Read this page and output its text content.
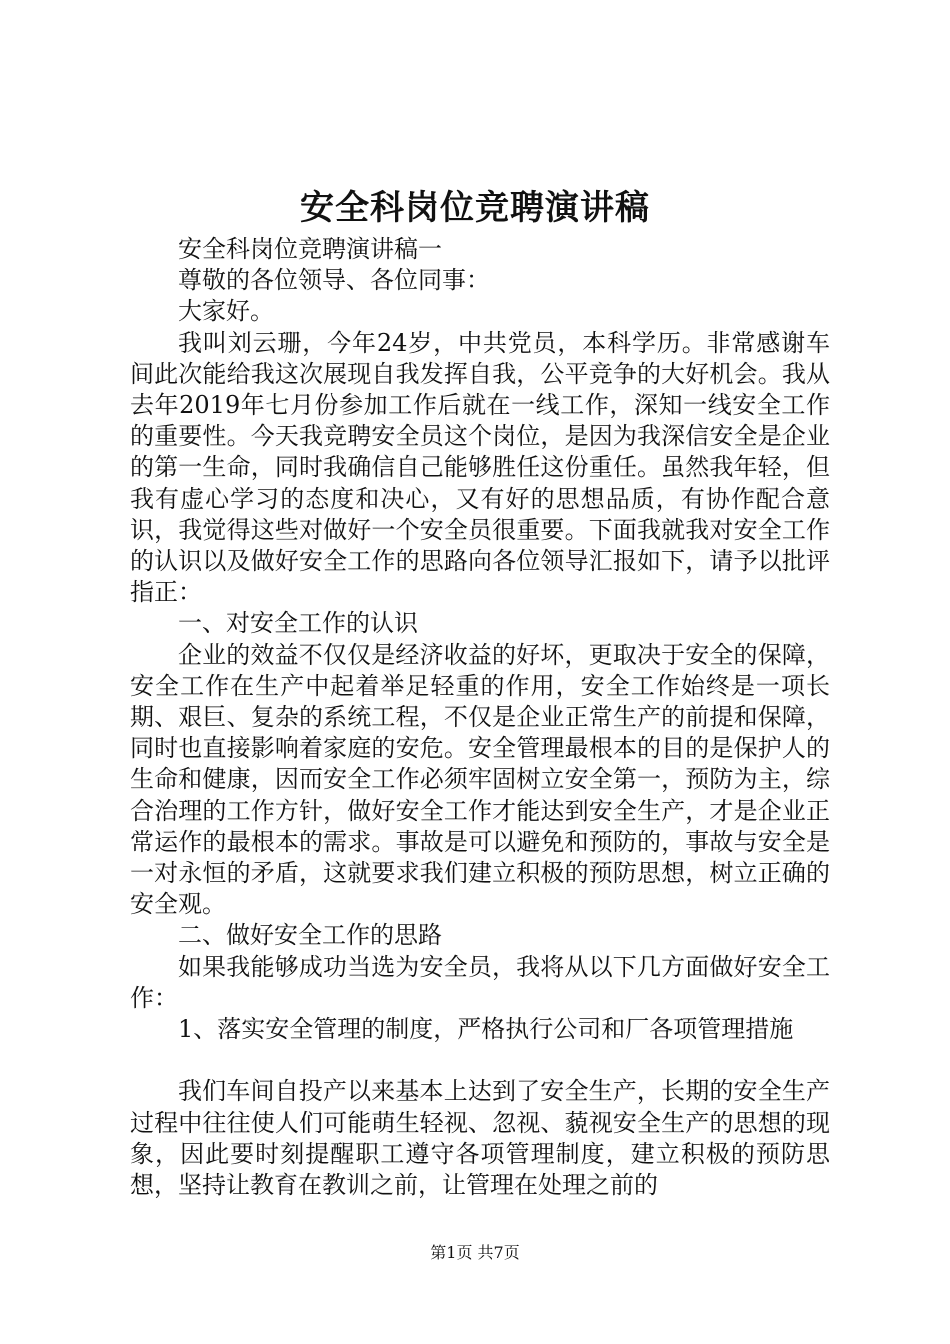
安全科岗位竞聘演讲稿

安全科岗位竞聘演讲稿一

尊敬的各位领导、各位同事：

大家好。

我叫刘云珊，今年24岁，中共党员，本科学历。非常感谢车间此次能给我这次展现自我发挥自我，公平竞争的大好机会。我从去年2019年七月份参加工作后就在一线工作，深知一线安全工作的重要性。今天我竞聘安全员这个岗位，是因为我深信安全是企业的第一生命，同时我确信自己能够胜任这份重任。虽然我年轻，但我有虚心学习的态度和决心，又有好的思想品质，有协作配合意识，我觉得这些对做好一个安全员很重要。下面我就我对安全工作的认识以及做好安全工作的思路向各位领导汇报如下，请予以批评指正：

一、对安全工作的认识

企业的效益不仅仅是经济收益的好坏，更取决于安全的保障，安全工作在生产中起着举足轻重的作用，安全工作始终是一项长期、艰巨、复杂的系统工程，不仅是企业正常生产的前提和保障，同时也直接影响着家庭的安危。安全管理最根本的目的是保护人的生命和健康，因而安全工作必须牢固树立安全第一，预防为主，综合治理的工作方针，做好安全工作才能达到安全生产，才是企业正常运作的最根本的需求。事故是可以避免和预防的，事故与安全是一对永恒的矛盾，这就要求我们建立积极的预防思想，树立正确的安全观。

二、做好安全工作的思路

如果我能够成功当选为安全员，我将从以下几方面做好安全工作：

1、落实安全管理的制度，严格执行公司和厂各项管理措施

我们车间自投产以来基本上达到了安全生产，长期的安全生产过程中往往使人们可能萌生轻视、忽视、藐视安全生产的思想的现象，因此要时刻提醒职工遵守各项管理制度，建立积极的预防思想，坚持让教育在教训之前，让管理在处理之前的

第1页 共7页
